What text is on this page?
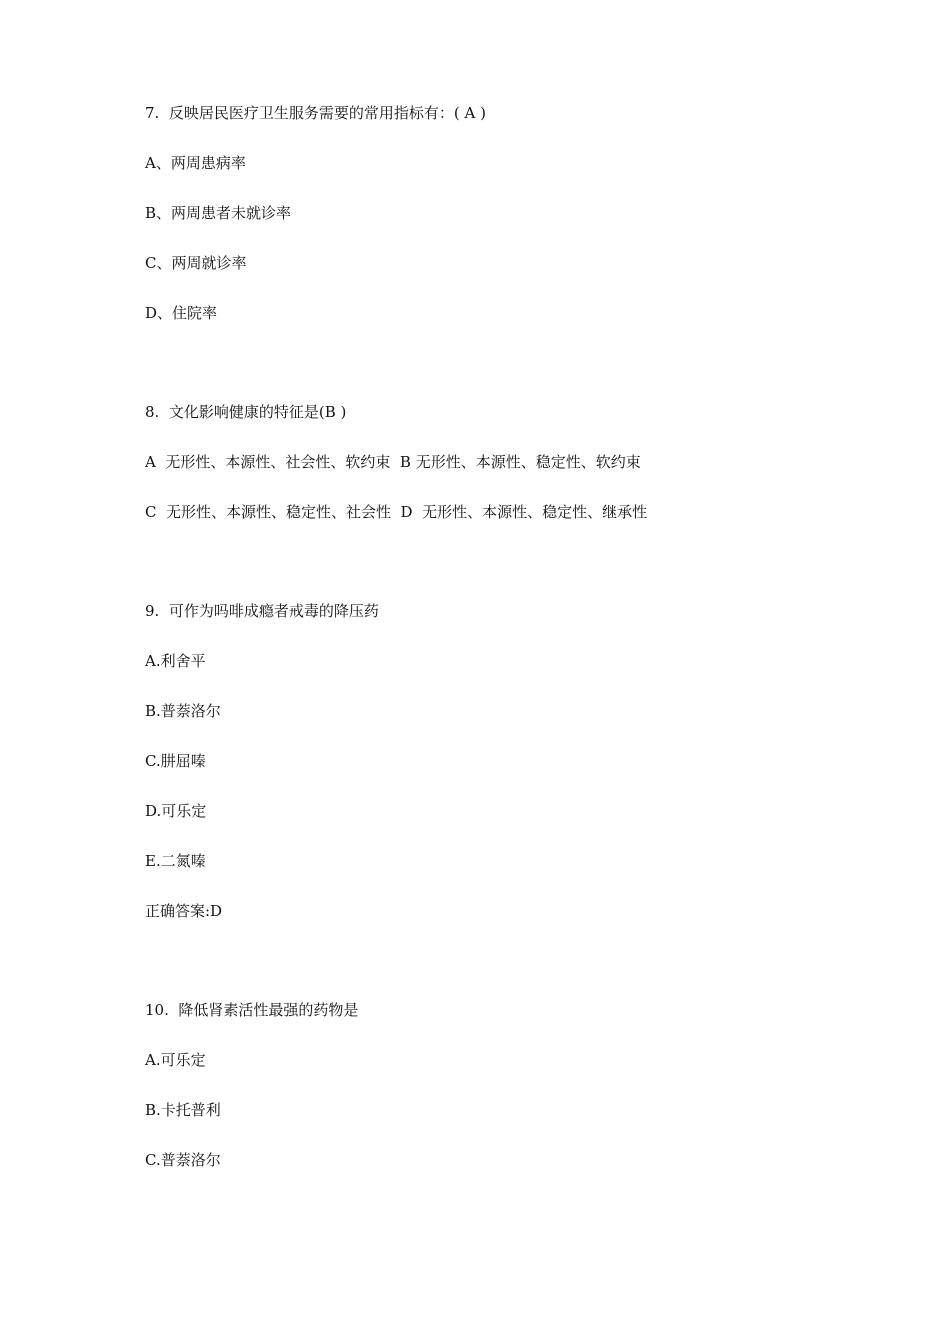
7.  反映居民医疗卫生服务需要的常用指标有：( A )
A、两周患病率
B、两周患者未就诊率
C、两周就诊率
D、住院率
8.  文化影响健康的特征是(B )
A  无形性、本源性、社会性、软约束  B 无形性、本源性、稳定性、软约束
C  无形性、本源性、稳定性、社会性  D  无形性、本源性、稳定性、继承性
9.  可作为吗啡成瘾者戒毒的降压药
A.利舍平
B.普萘洛尔
C.肼屈嗪
D.可乐定
E.二氮嗪
正确答案:D
10.  降低肾素活性最强的药物是
A.可乐定
B.卡托普利
C.普萘洛尔
